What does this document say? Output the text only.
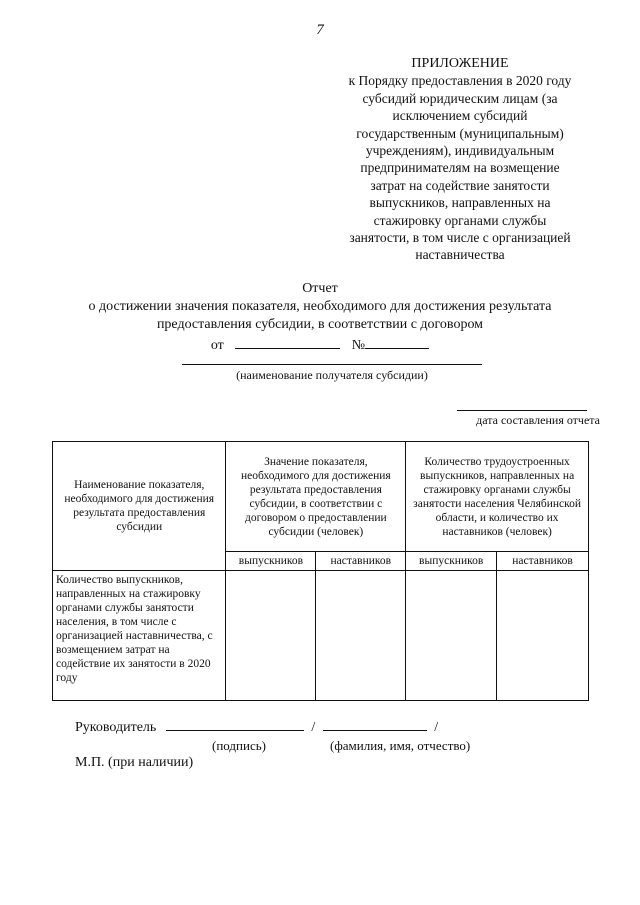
7
ПРИЛОЖЕНИЕ
к Порядку предоставления в 2020 году
субсидий юридическим лицам (за
исключением субсидий
государственным (муниципальным)
учреждениям), индивидуальным
предпринимателям на возмещение
затрат на содействие занятости
выпускников, направленных на
стажировку органами службы
занятости, в том числе с организацией
наставничества
Отчет
о достижении значения показателя, необходимого для достижения результата
предоставления субсидии, в соответствии с договором
от	№
(наименование получателя субсидии)
дата составления отчета
Наименование показателя, необходимого для достижения результата предоставления субсидии	Значение показателя, необходимого для достижения результата предоставления субсидии, в соответствии с договором о предоставлении субсидии (человек)		Количество трудоустроенных выпускников, направленных на стажировку органами службы занятости населения Челябинской области, и количество их наставников (человек)	
	выпускников	наставников	выпускников	наставников
Количество выпускников, направленных на стажировку органами службы занятости населения, в том числе с организацией наставничества, с возмещением затрат на содействие их занятости в 2020 году				
Руководитель	/	/
(подпись)	(фамилия, имя, отчество)
М.П. (при наличии)
